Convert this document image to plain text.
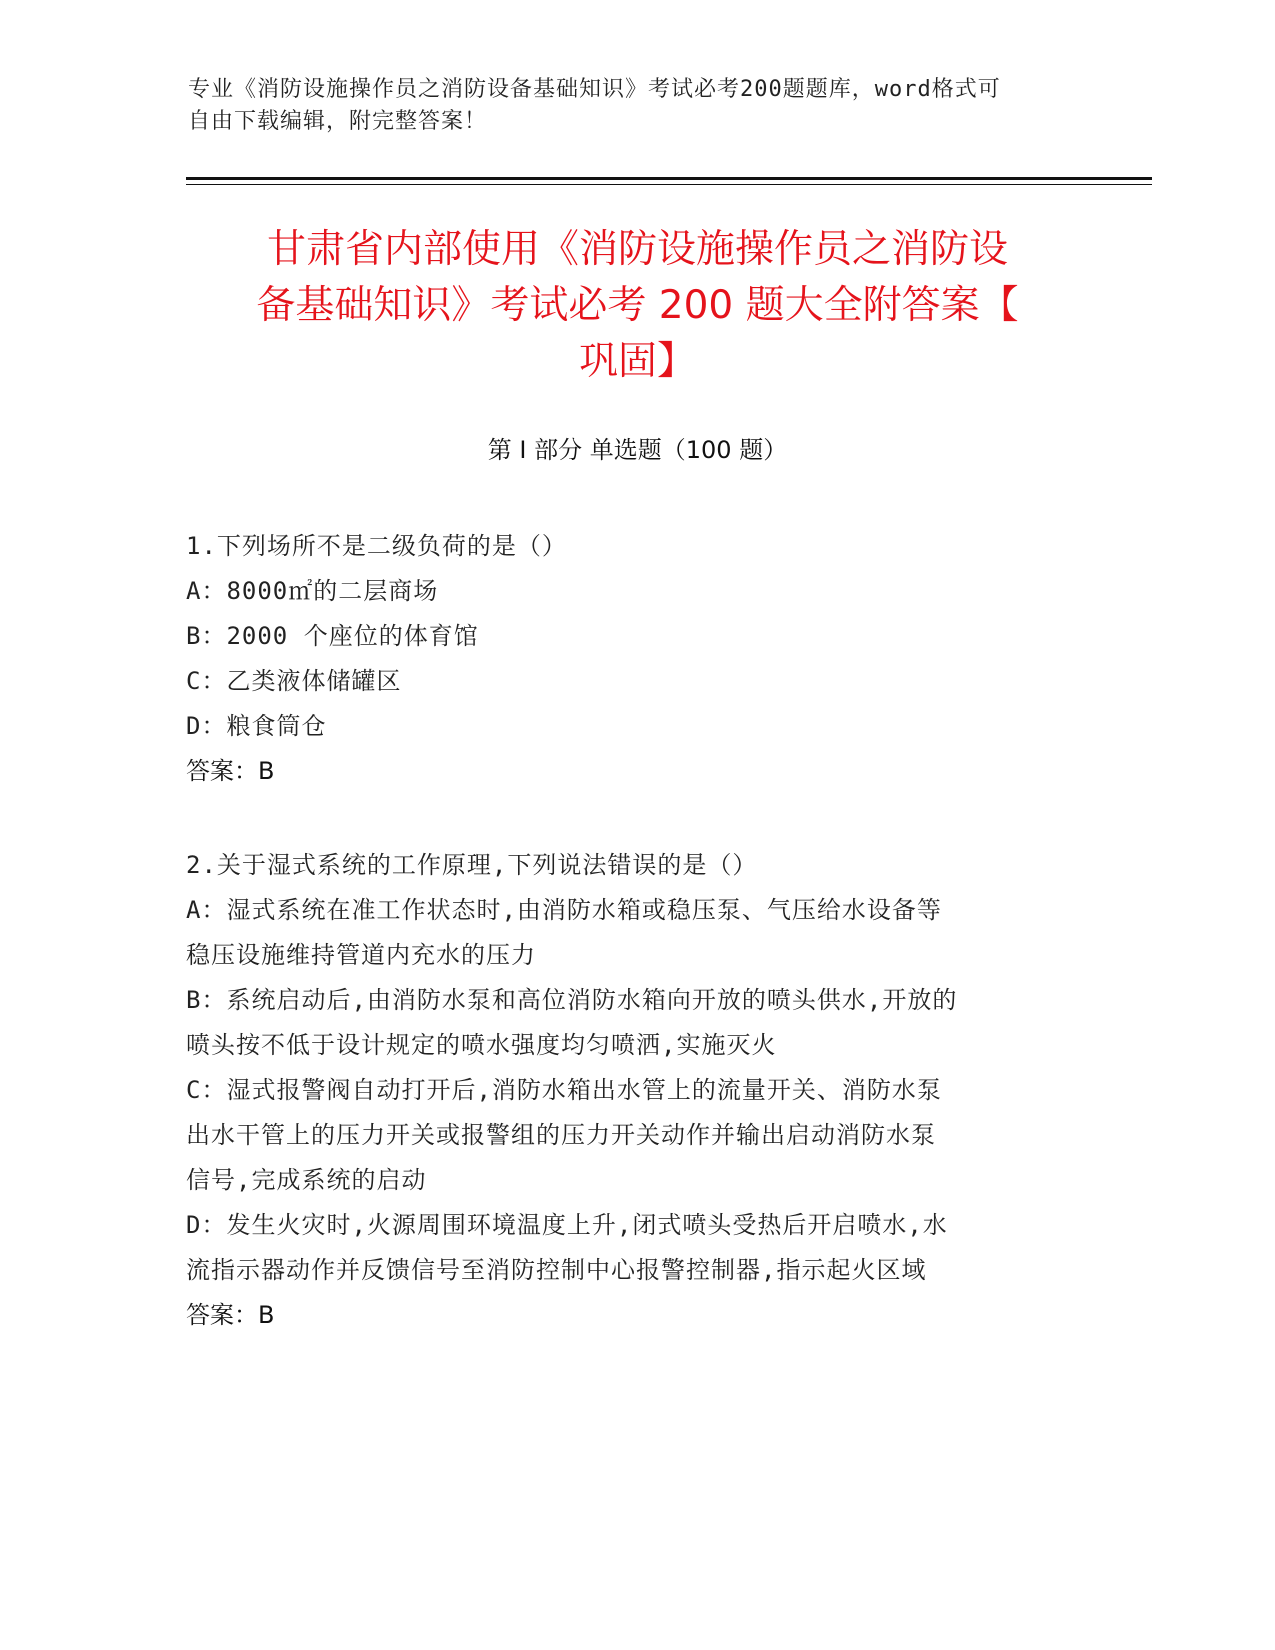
专业《消防设施操作员之消防设备基础知识》考试必考200题题库，word格式可
自由下载编辑，附完整答案！
甘肃省内部使用《消防设施操作员之消防设
备基础知识》考试必考 200 题大全附答案【
巩固】
第 I 部分 单选题（100 题）
1.下列场所不是二级负荷的是（）
A：8000㎡的二层商场
B：2000 个座位的体育馆
C：乙类液体储罐区
D：粮食筒仓
答案：B
2.关于湿式系统的工作原理,下列说法错误的是（）
A：湿式系统在准工作状态时,由消防水箱或稳压泵、气压给水设备等
稳压设施维持管道内充水的压力
B：系统启动后,由消防水泵和高位消防水箱向开放的喷头供水,开放的
喷头按不低于设计规定的喷水强度均匀喷洒,实施灭火
C：湿式报警阀自动打开后,消防水箱出水管上的流量开关、消防水泵
出水干管上的压力开关或报警组的压力开关动作并输出启动消防水泵
信号,完成系统的启动
D：发生火灾时,火源周围环境温度上升,闭式喷头受热后开启喷水,水
流指示器动作并反馈信号至消防控制中心报警控制器,指示起火区域
答案：B
